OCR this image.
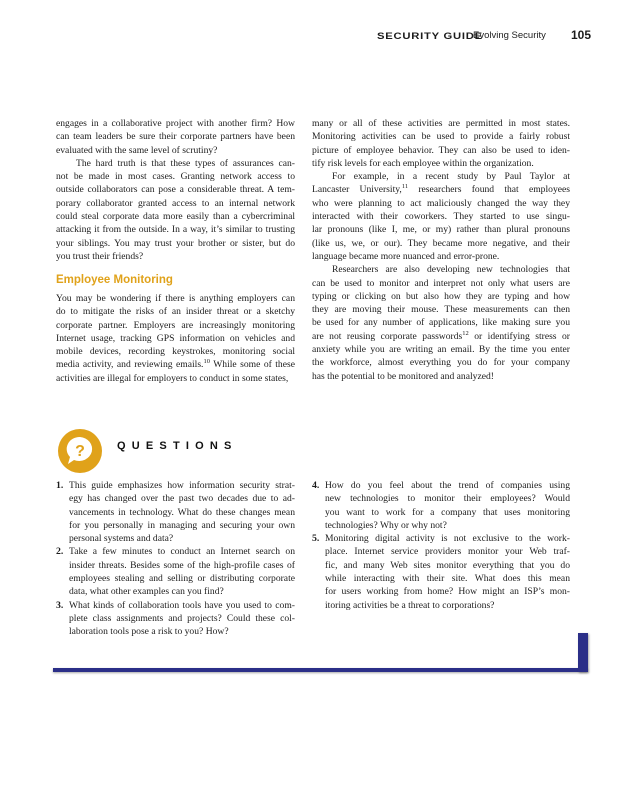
SECURITY GUIDE
Evolving Security 105
engages in a collaborative project with another firm? How
can team leaders be sure their corporate partners have been
evaluated with the same level of scrutiny?
The hard truth is that these types of assurances can-
not be made in most cases. Granting network access to
outside collaborators can pose a considerable threat. A tem-
porary collaborator granted access to an internal network
could steal corporate data more easily than a cybercriminal
attacking it from the outside. In a way, it’s similar to trusting
your siblings. You may trust your brother or sister, but do
you trust their friends?
Employee Monitoring
You may be wondering if there is anything employers can
do to mitigate the risks of an insider threat or a sketchy
corporate partner. Employers are increasingly monitoring
Internet usage, tracking GPS information on vehicles and
mobile devices, recording keystrokes, monitoring social
media activity, and reviewing emails.$^{10}$ While some of these
activities are illegal for employers to conduct in some states,
many or all of these activities are permitted in most states.
Monitoring activities can be used to provide a fairly robust
picture of employee behavior. They can also be used to iden-
tify risk levels for each employee within the organization.
For example, in a recent study by Paul Taylor at
Lancaster University,$^{11}$ researchers found that employees
who were planning to act maliciously changed the way they
interacted with their coworkers. They started to use singu-
lar pronouns (like I, me, or my) rather than plural pronouns
(like us, we, or our). They became more negative, and their
language became more nuanced and error-prone.
Researchers are also developing new technologies that
can be used to monitor and interpret not only what users are
typing or clicking on but also how they are typing and how
they are moving their mouse. These measurements can then
be used for any number of applications, like making sure you
are not reusing corporate passwords$^{12}$ or identifying stress or
anxiety while you are writing an email. By the time you enter
the workforce, almost everything you do for your company
has the potential to be monitored and analyzed!
?	QUESTIONS
1. This guide emphasizes how information security strat-
egy has changed over the past two decades due to ad-
vancements in technology. What do these changes mean
for you personally in managing and securing your own
personal systems and data?
2. Take a few minutes to conduct an Internet search on
insider threats. Besides some of the high-profile cases of
employees stealing and selling or distributing corporate
data, what other examples can you find?
3. What kinds of collaboration tools have you used to com-
plete class assignments and projects? Could these col-
laboration tools pose a risk to you? How?
4. How do you feel about the trend of companies using
new technologies to monitor their employees? Would
you want to work for a company that uses monitoring
technologies? Why or why not?
5. Monitoring digital activity is not exclusive to the work-
place. Internet service providers monitor your Web traf-
fic, and many Web sites monitor everything that you do
while interacting with their site. What does this mean
for users working from home? How might an ISP’s mon-
itoring activities be a threat to corporations?
